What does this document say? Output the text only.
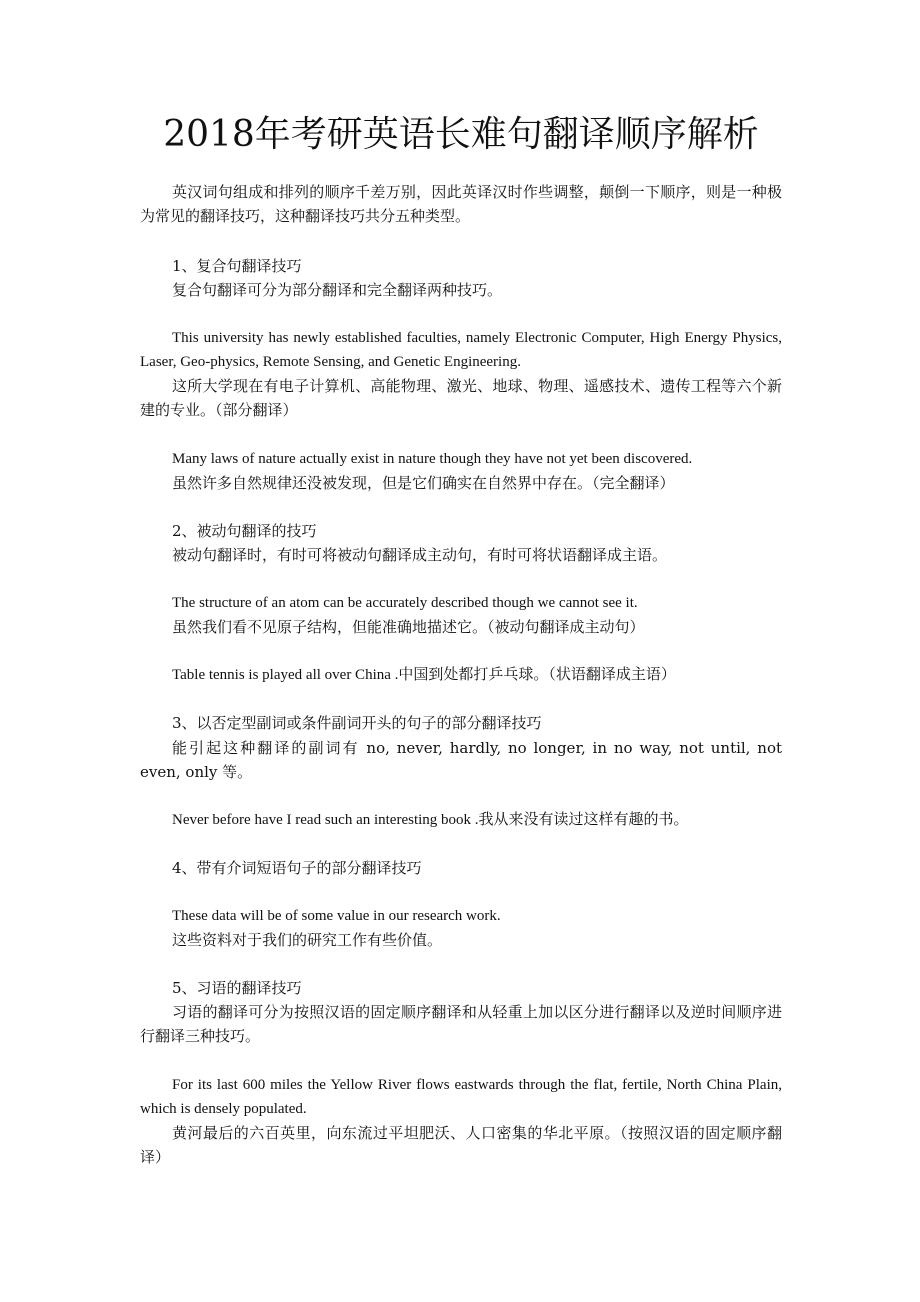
2018年考研英语长难句翻译顺序解析

英汉词句组成和排列的顺序千差万别，因此英译汉时作些调整，颠倒一下顺序，则是一种极为常见的翻译技巧，这种翻译技巧共分五种类型。

1、复合句翻译技巧

复合句翻译可分为部分翻译和完全翻译两种技巧。

This university has newly established faculties, namely Electronic Computer, High Energy Physics, Laser, Geo-physics, Remote Sensing, and Genetic Engineering.

这所大学现在有电子计算机、高能物理、激光、地球、物理、遥感技术、遗传工程等六个新建的专业。（部分翻译）

Many laws of nature actually exist in nature though they have not yet been discovered.

虽然许多自然规律还没被发现，但是它们确实在自然界中存在。（完全翻译）

2、被动句翻译的技巧

被动句翻译时，有时可将被动句翻译成主动句，有时可将状语翻译成主语。

The structure of an atom can be accurately described though we cannot see it.

虽然我们看不见原子结构，但能准确地描述它。（被动句翻译成主动句）

Table tennis is played all over China .中国到处都打乒乓球。（状语翻译成主语）

3、以否定型副词或条件副词开头的句子的部分翻译技巧

能引起这种翻译的副词有 no, never, hardly, no longer, in no way, not until, not even, only 等。

Never before have I read such an interesting book .我从来没有读过这样有趣的书。

4、带有介词短语句子的部分翻译技巧

These data will be of some value in our research work.

这些资料对于我们的研究工作有些价值。

5、习语的翻译技巧

习语的翻译可分为按照汉语的固定顺序翻译和从轻重上加以区分进行翻译以及逆时间顺序进行翻译三种技巧。

For its last 600 miles the Yellow River flows eastwards through the flat, fertile, North China Plain, which is densely populated.

黄河最后的六百英里，向东流过平坦肥沃、人口密集的华北平原。（按照汉语的固定顺序翻译）
